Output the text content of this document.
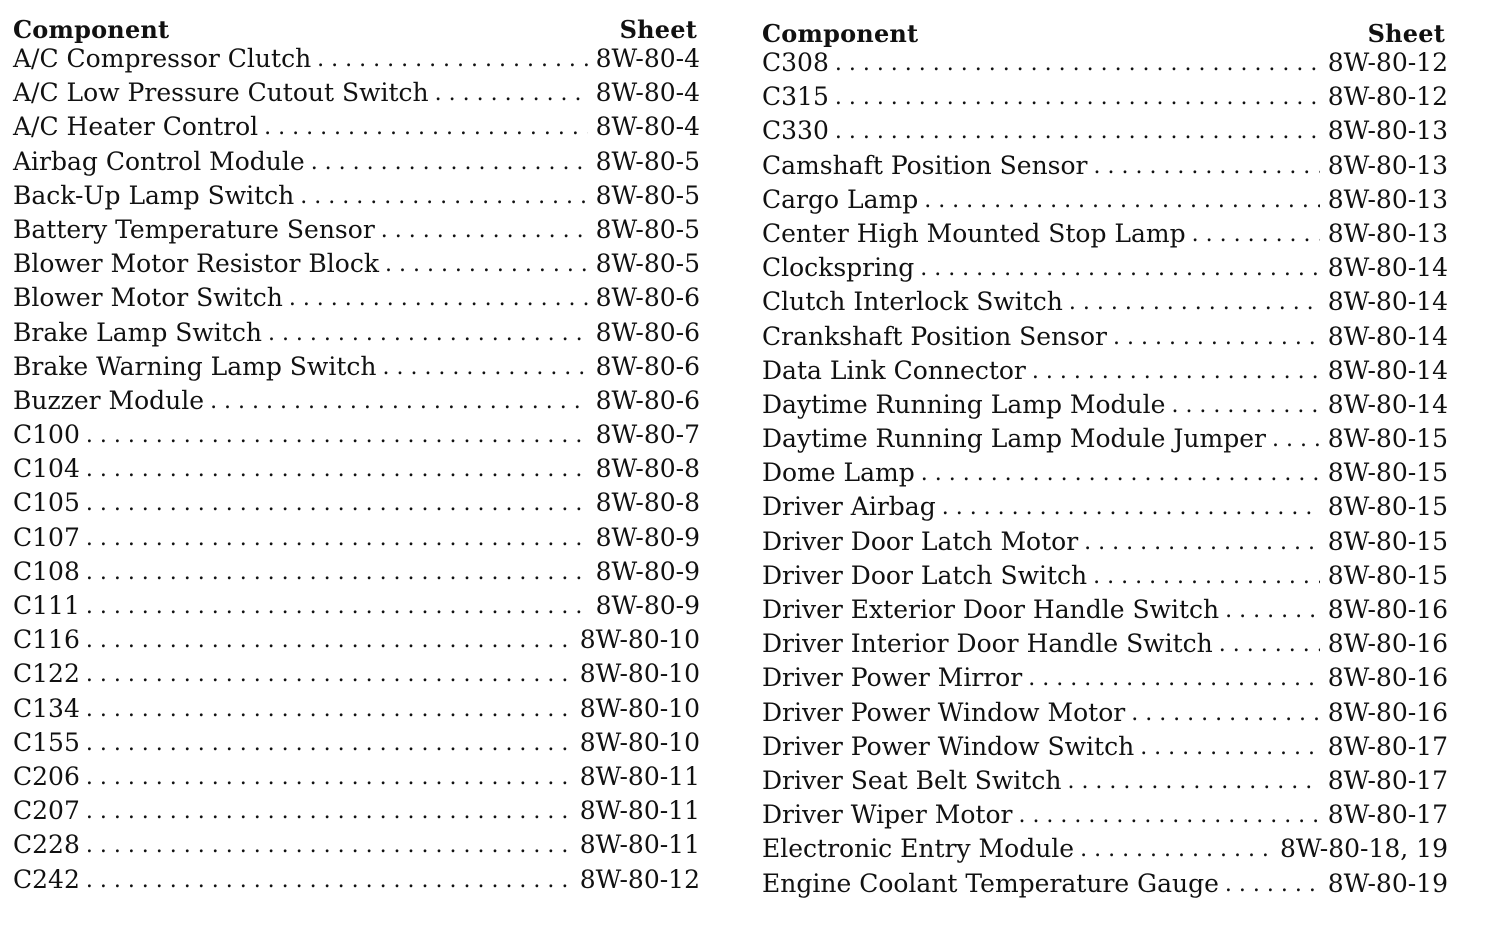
Component	Sheet
A/C Compressor Clutch . . .	8W-80-4
A/C Low Pressure Cutout Switch . . .	8W-80-4
A/C Heater Control . . .	8W-80-4
Airbag Control Module . . .	8W-80-5
Back-Up Lamp Switch . . .	8W-80-5
Battery Temperature Sensor . . .	8W-80-5
Blower Motor Resistor Block . . .	8W-80-5
Blower Motor Switch . . .	8W-80-6
Brake Lamp Switch . . .	8W-80-6
Brake Warning Lamp Switch . . .	8W-80-6
Buzzer Module . . .	8W-80-6
C100 . . .	8W-80-7
C104 . . .	8W-80-8
C105 . . .	8W-80-8
C107 . . .	8W-80-9
C108 . . .	8W-80-9
C111 . . .	8W-80-9
C116 . . .	8W-80-10
C122 . . .	8W-80-10
C134 . . .	8W-80-10
C155 . . .	8W-80-10
C206 . . .	8W-80-11
C207 . . .	8W-80-11
C228 . . .	8W-80-11
C242 . . .	8W-80-12
Component	Sheet
C308 . . .	8W-80-12
C315 . . .	8W-80-12
C330 . . .	8W-80-13
Camshaft Position Sensor . . .	8W-80-13
Cargo Lamp . . .	8W-80-13
Center High Mounted Stop Lamp . . .	8W-80-13
Clockspring . . .	8W-80-14
Clutch Interlock Switch . . .	8W-80-14
Crankshaft Position Sensor . . .	8W-80-14
Data Link Connector . . .	8W-80-14
Daytime Running Lamp Module . . .	8W-80-14
Daytime Running Lamp Module Jumper . . . 8W-80-15
Dome Lamp . . .	8W-80-15
Driver Airbag . . .	8W-80-15
Driver Door Latch Motor . . .	8W-80-15
Driver Door Latch Switch . . .	8W-80-15
Driver Exterior Door Handle Switch . . .	8W-80-16
Driver Interior Door Handle Switch . . .	8W-80-16
Driver Power Mirror . . .	8W-80-16
Driver Power Window Motor . . .	8W-80-16
Driver Power Window Switch . . .	8W-80-17
Driver Seat Belt Switch . . .	8W-80-17
Driver Wiper Motor . . .	8W-80-17
Electronic Entry Module . . .	8W-80-18, 19
Engine Coolant Temperature Gauge . . .	8W-80-19
